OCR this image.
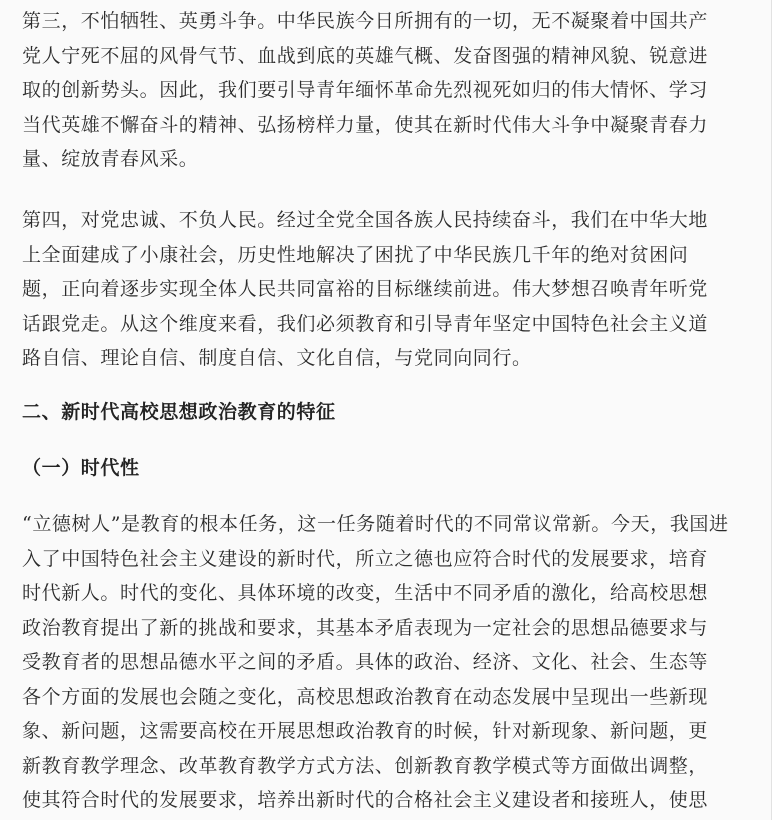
第三，不怕牺牲、英勇斗争。中华民族今日所拥有的一切，无不凝聚着中国共产
党人宁死不屈的风骨气节、血战到底的英雄气概、发奋图强的精神风貌、锐意进
取的创新势头。因此，我们要引导青年缅怀革命先烈视死如归的伟大情怀、学习
当代英雄不懈奋斗的精神、弘扬榜样力量，使其在新时代伟大斗争中凝聚青春力
量、绽放青春风采。
第四，对党忠诚、不负人民。经过全党全国各族人民持续奋斗，我们在中华大地
上全面建成了小康社会，历史性地解决了困扰了中华民族几千年的绝对贫困问
题，正向着逐步实现全体人民共同富裕的目标继续前进。伟大梦想召唤青年听党
话跟党走。从这个维度来看，我们必须教育和引导青年坚定中国特色社会主义道
路自信、理论自信、制度自信、文化自信，与党同向同行。
二、新时代高校思想政治教育的特征
（一）时代性
“立德树人”是教育的根本任务，这一任务随着时代的不同常议常新。今天，我国进
入了中国特色社会主义建设的新时代，所立之德也应符合时代的发展要求，培育
时代新人。时代的变化、具体环境的改变，生活中不同矛盾的激化，给高校思想
政治教育提出了新的挑战和要求，其基本矛盾表现为一定社会的思想品德要求与
受教育者的思想品德水平之间的矛盾。具体的政治、经济、文化、社会、生态等
各个方面的发展也会随之变化，高校思想政治教育在动态发展中呈现出一些新现
象、新问题，这需要高校在开展思想政治教育的时候，针对新现象、新问题，更
新教育教学理念、改革教育教学方式方法、创新教育教学模式等方面做出调整，
使其符合时代的发展要求，培养出新时代的合格社会主义建设者和接班人，使思
